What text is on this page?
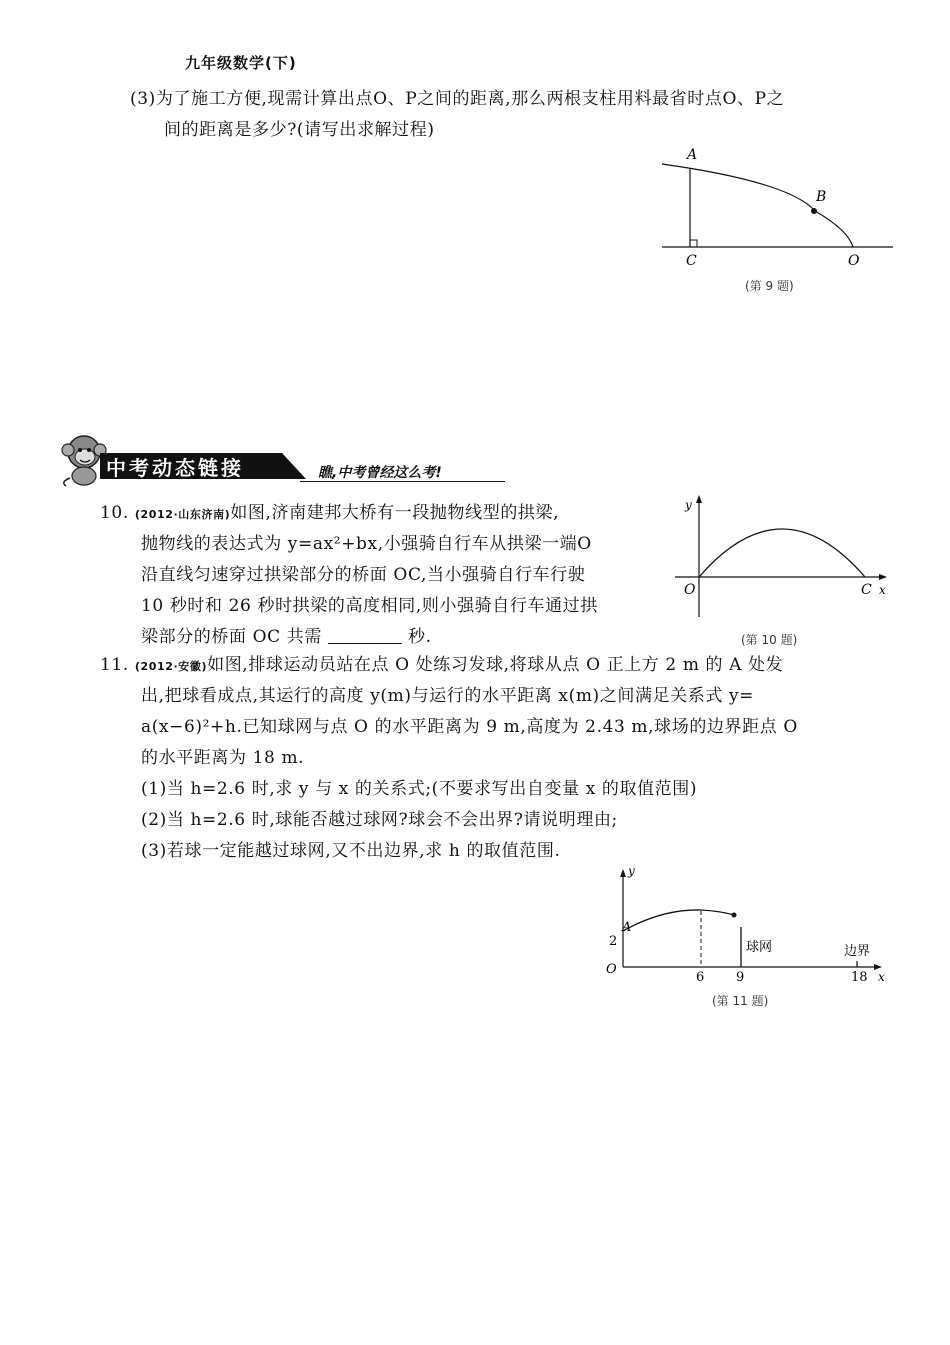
九年级数学(下)
(3)为了施工方便,现需计算出点O、P之间的距离,那么两根支柱用料最省时点O、P之
间的距离是多少?(请写出求解过程)
A
B
C	O
(第 9 题)
中考动态链接	瞧,中考曾经这么考!
10. (2012·山东济南)如图,济南建邦大桥有一段抛物线型的拱梁,
抛物线的表达式为 y=ax²+bx,小强骑自行车从拱梁一端O
沿直线匀速穿过拱梁部分的桥面 OC,当小强骑自行车行驶
10 秒时和 26 秒时拱梁的高度相同,则小强骑自行车通过拱
梁部分的桥面 OC 共需	秒.
y
x
O	C
(第 10 题)
11. (2012·安徽)如图,排球运动员站在点 O 处练习发球,将球从点 O 正上方 2 m 的 A 处发
出,把球看成点,其运行的高度 y(m)与运行的水平距离 x(m)之间满足关系式 y=
a(x−6)²+h.已知球网与点 O 的水平距离为 9 m,高度为 2.43 m,球场的边界距点 O
的水平距离为 18 m.
(1)当 h=2.6 时,求 y 与 x 的关系式;(不要求写出自变量 x 的取值范围)
(2)当 h=2.6 时,球能否越过球网?球会不会出界?请说明理由;
(3)若球一定能越过球网,又不出边界,求 h 的取值范围.
y
x
O
A
2
6 9	18
球网	边界
(第 11 题)
